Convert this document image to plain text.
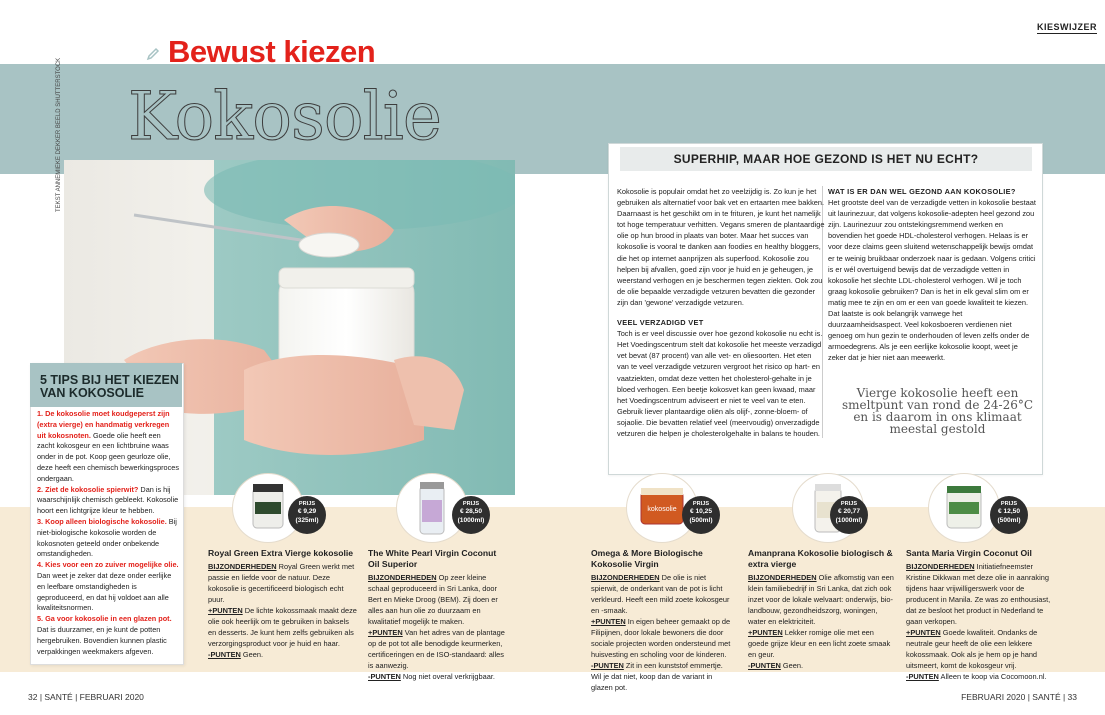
KIESWIJZER
Bewust kiezen
Kokosolie
TEKST ANNEMIEKE DEKKER BEELD SHUTTERSTOCK	SUPERHIP, MAAR HOE GEZOND IS HET NU ECHT?
Kokosolie is populair omdat het zo veelzijdig is. Zo kun je het gebruiken als alternatief voor bak vet en ertaarten mee bakken. Daarnaast is het geschikt om in te frituren, je kunt het namelijk tot hoge temperatuur verhitten. Vegans smeren de plantaardige olie op hun brood in plaats van boter. Maar het succes van kokosolie is vooral te danken aan foodies en healthy bloggers, die het op internet aanprijzen als superfood. Kokosolie zou helpen bij afvallen, goed zijn voor je huid en je geheugen, je weerstand verhogen en je beschermen tegen ziekten. Ook zou de olie bepaalde verzadigde vetzuren bevatten die gezonder zijn dan 'gewone' verzadigde vetzuren.
VEEL VERZADIGD VET
Toch is er veel discussie over hoe gezond kokosolie nu echt is. Het Voedingscentrum stelt dat kokosolie het meeste verzadigd vet bevat (87 procent) van alle vet- en oliesoorten. Het eten van te veel verzadigde vetzuren vergroot het risico op hart- en vaatziekten, omdat deze vetten het cholesterol-gehalte in je bloed verhogen. Een beetje kokosvet kan geen kwaad, maar het Voedingscentrum adviseert er niet te veel van te eten. Gebruik liever plantaardige oliën als olijf-, zonne-bloem- of sojaolie. Die bevatten relatief veel (meervoudig) onverzadigde vetzuren die helpen je cholesterolgehalte in balans te houden.
WAT IS ER DAN WEL GEZOND AAN KOKOSOLIE?
Het grootste deel van de verzadigde vetten in kokosolie bestaat uit laurinezuur, dat volgens kokosolie-adepten heel gezond zou zijn. Laurinezuur zou ontstekingsremmend werken en bovendien het goede HDL-cholesterol verhogen. Helaas is er voor deze claims geen sluitend wetenschappelijk bewijs omdat er te weinig bruikbaar onderzoek naar is gedaan. Volgens critici is er wél overtuigend bewijs dat de verzadigde vetten in kokosolie het slechte LDL-cholesterol verhogen. Wil je toch graag kokosolie gebruiken? Dan is het in elk geval slim om er matig mee te zijn en om er een van goede kwaliteit te kiezen. Dat laatste is ook belangrijk vanwege het duurzaamheidsaspect. Veel kokosboeren verdienen niet genoeg om hun gezin te onderhouden of leven zelfs onder de armoedegrens. Als je een eerlijke kokosolie koopt, weet je zeker dat je hier niet aan meewerkt.
Vierge kokosolie heeft een smeltpunt van rond de 24-26°C en is daarom in ons klimaat meestal gestold
5 TIPS BIJ HET KIEZEN VAN KOKOSOLIE
1. De kokosolie moet koudgeperst zijn (extra vierge) en handmatig verkregen uit kokosnoten. Goede olie heeft een zacht kokosgeur en een lichtbruine waas onder in de pot. Koop geen geurloze olie, deze heeft een chemisch bewerkingsproces ondergaan.
2. Ziet de kokosolie spierwit? Dan is hij waarschijnlijk chemisch gebleekt. Kokosolie hoort een lichtgrijze kleur te hebben.
3. Koop alleen biologische kokosolie. Bij niet-biologische kokosolie worden de kokosnoten geteeld onder onbekende omstandigheden.
4. Kies voor een zo zuiver mogelijke olie. Dan weet je zeker dat deze onder eerlijke en leefbare omstandigheden is geproduceerd, en dat hij voldoet aan alle kwaliteitsnormen.
5. Ga voor kokosolie in een glazen pot. Dat is duurzamer, en je kunt de potten hergebruiken. Bovendien kunnen plastic verpakkingen weekmakers afgeven.
PRIJS
€ 9,29
(325ml)
PRIJS
€ 28,50
(1000ml)
kokosolie
PRIJS
€ 10,25
(500ml)
PRIJS
€ 20,77
(1000ml)
PRIJS
€ 12,50
(500ml)
Royal Green Extra Vierge kokosolie
BIJZONDERHEDEN Royal Green werkt met passie en liefde voor de natuur. Deze kokosolie is gecertificeerd biologisch echt puur.
+PUNTEN De lichte kokossmaak maakt deze olie ook heerlijk om te gebruiken in baksels en desserts. Je kunt hem zelfs gebruiken als verzorgingsproduct voor je huid en haar.
-PUNTEN Geen.
The White Pearl Virgin Coconut Oil Superior
BIJZONDERHEDEN Op zeer kleine schaal geproduceerd in Sri Lanka, door Bert en Mieke Droog (BEM). Zij doen er alles aan hun olie zo duurzaam en kwalitatief mogelijk te maken.
+PUNTEN Van het adres van de plantage op de pot tot alle benodigde keurmerken, certificeringen en de ISO-standaard: alles is aanwezig.
-PUNTEN Nog niet overal verkrijgbaar.
Omega & More Biologische Kokosolie Virgin
BIJZONDERHEDEN De olie is niet spierwit, de onderkant van de pot is licht verkleurd. Heeft een mild zoete kokosgeur en -smaak.
+PUNTEN In eigen beheer gemaakt op de Filipijnen, door lokale bewoners die door sociale projecten worden ondersteund met huisvesting en scholing voor de kinderen.
-PUNTEN Zit in een kunststof emmertje. Wil je dat niet, koop dan de variant in glazen pot.
Amanprana Kokosolie biologisch & extra vierge
BIJZONDERHEDEN Olie afkomstig van een klein familiebedrijf in Sri Lanka, dat zich ook inzet voor de lokale welvaart: onderwijs, bio-landbouw, gezondheidszorg, woningen, water en elektriciteit.
+PUNTEN Lekker romige olie met een goede grijze kleur en een licht zoete smaak en geur.
-PUNTEN Geen.
Santa Maria Virgin Coconut Oil
BIJZONDERHEDEN Initiatiefneemster Kristine Dikkwan met deze olie in aanraking tijdens haar vrijwilligerswerk voor de producent in Manila. Ze was zo enthousiast, dat ze besloot het product in Nederland te gaan verkopen.
+PUNTEN Goede kwaliteit. Ondanks de neutrale geur heeft de olie een lekkere kokossmaak. Ook als je hem op je hand uitsmeert, komt de kokosgeur vrij.
-PUNTEN Alleen te koop via Cocomoon.nl.
32 | SANTÉ | FEBRUARI 2020	FEBRUARI 2020 | SANTÉ | 33
